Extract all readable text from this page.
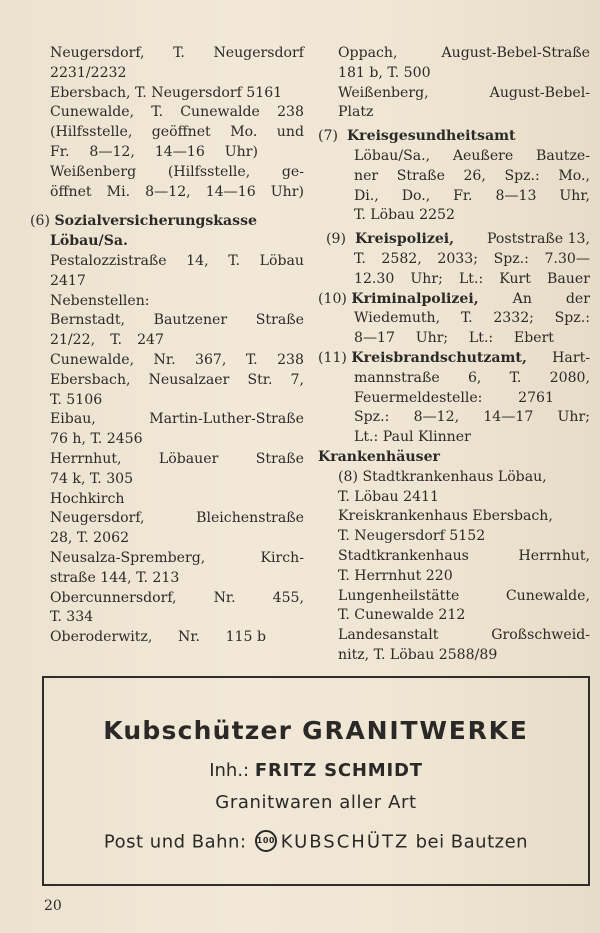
Neugersdorf, T. Neugersdorf
2231/2232
Ebersbach, T. Neugersdorf 5161
Cunewalde, T. Cunewalde 238
(Hilfsstelle, geöffnet Mo. und
Fr. 8—12, 14—16 Uhr)
Weißenberg (Hilfsstelle, ge-
öffnet Mi. 8—12, 14—16 Uhr)
(6) Sozialversicherungskasse
Löbau/Sa.
Pestalozzistraße 14, T. Löbau
2417
Nebenstellen:
Bernstadt, Bautzener Straße
21/22, T. 247
Cunewalde, Nr. 367, T. 238
Ebersbach, Neusalzaer Str. 7,
T. 5106
Eibau,	Martin-Luther-Straße
76 h, T. 2456
Herrnhut,	Löbauer	Straße
74 k, T. 305
Hochkirch
Neugersdorf,	Bleichenstraße
28, T. 2062
Neusalza-Spremberg,	Kirch-
straße 144, T. 213
Obercunnersdorf,	Nr.	455,
T. 334
Oberoderwitz, Nr. 115 b
Oppach,	August-Bebel-Straße
181 b, T. 500
Weißenberg,	August-Bebel-
Platz
(7) Kreisgesundheitsamt
Löbau/Sa., Aeußere Bautze-
ner Straße 26, Spz.: Mo.,
Di., Do., Fr. 8—13 Uhr,
T. Löbau 2252
(9) Kreispolizei, Poststraße 13,
T. 2582, 2033; Spz.: 7.30—
12.30 Uhr; Lt.: Kurt Bauer
(10) Kriminalpolizei, An der
Wiedemuth, T. 2332; Spz.:
8—17 Uhr; Lt.: Ebert
(11) Kreisbrandschutzamt, Hart-
mannstraße 6, T. 2080,
Feuermeldestelle:	2761
Spz.: 8—12, 14—17 Uhr;
Lt.: Paul Klinner
Krankenhäuser
(8) Stadtkrankenhaus Löbau,
T. Löbau 2411
Kreiskrankenhaus Ebersbach,
T. Neugersdorf 5152
Stadtkrankenhaus	Herrnhut,
T. Herrnhut 220
Lungenheilstätte	Cunewalde,
T. Cunewalde 212
Landesanstalt	Großschweid-
nitz, T. Löbau 2588/89
Kubschützer GRANITWERKE
Inh.: FRITZ SCHMIDT
Granitwaren aller Art
Post und Bahn: 100 KUBSCHÜTZ bei Bautzen
20
